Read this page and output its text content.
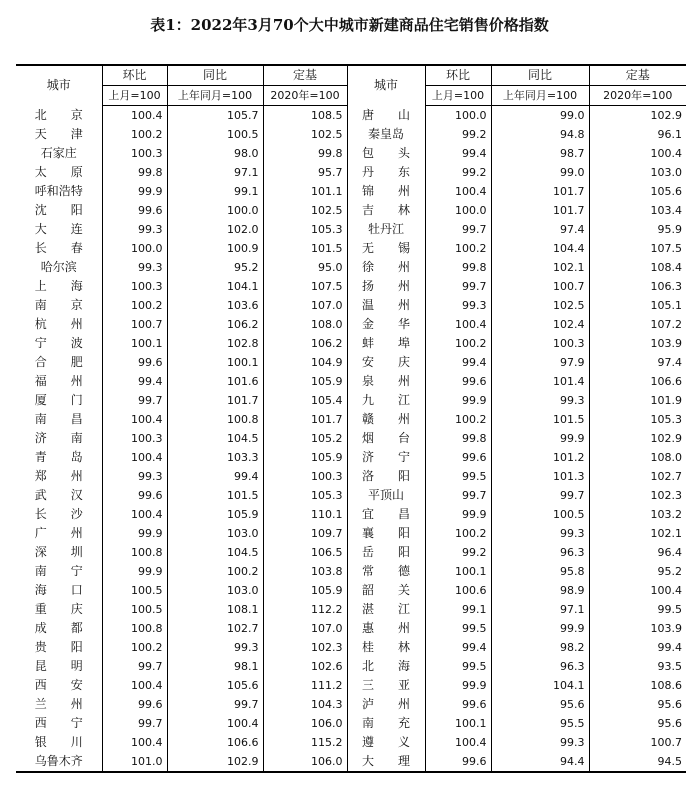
表1：2022年3月70个大中城市新建商品住宅销售价格指数
城市	环比	同比	定基	城市	环比	同比	定基
	上月=100	上年同月=100	2020年=100		上月=100	上年同月=100	2020年=100
北　　京	100.4	105.7	108.5	唐　　山	100.0	99.0	102.9
天　　津	100.2	100.5	102.5	秦皇岛	99.2	94.8	96.1
石家庄	100.3	98.0	99.8	包　　头	99.4	98.7	100.4
太　　原	99.8	97.1	95.7	丹　　东	99.2	99.0	103.0
呼和浩特	99.9	99.1	101.1	锦　　州	100.4	101.7	105.6
沈　　阳	99.6	100.0	102.5	吉　　林	100.0	101.7	103.4
大　　连	99.3	102.0	105.3	牡丹江	99.7	97.4	95.9
长　　春	100.0	100.9	101.5	无　　锡	100.2	104.4	107.5
哈尔滨	99.3	95.2	95.0	徐　　州	99.8	102.1	108.4
上　　海	100.3	104.1	107.5	扬　　州	99.7	100.7	106.3
南　　京	100.2	103.6	107.0	温　　州	99.3	102.5	105.1
杭　　州	100.7	106.2	108.0	金　　华	100.4	102.4	107.2
宁　　波	100.1	102.8	106.2	蚌　　埠	100.2	100.3	103.9
合　　肥	99.6	100.1	104.9	安　　庆	99.4	97.9	97.4
福　　州	99.4	101.6	105.9	泉　　州	99.6	101.4	106.6
厦　　门	99.7	101.7	105.4	九　　江	99.9	99.3	101.9
南　　昌	100.4	100.8	101.7	赣　　州	100.2	101.5	105.3
济　　南	100.3	104.5	105.2	烟　　台	99.8	99.9	102.9
青　　岛	100.4	103.3	105.9	济　　宁	99.6	101.2	108.0
郑　　州	99.3	99.4	100.3	洛　　阳	99.5	101.3	102.7
武　　汉	99.6	101.5	105.3	平顶山	99.7	99.7	102.3
长　　沙	100.4	105.9	110.1	宜　　昌	99.9	100.5	103.2
广　　州	99.9	103.0	109.7	襄　　阳	100.2	99.3	102.1
深　　圳	100.8	104.5	106.5	岳　　阳	99.2	96.3	96.4
南　　宁	99.9	100.2	103.8	常　　德	100.1	95.8	95.2
海　　口	100.5	103.0	105.9	韶　　关	100.6	98.9	100.4
重　　庆	100.5	108.1	112.2	湛　　江	99.1	97.1	99.5
成　　都	100.8	102.7	107.0	惠　　州	99.5	99.9	103.9
贵　　阳	100.2	99.3	102.3	桂　　林	99.4	98.2	99.4
昆　　明	99.7	98.1	102.6	北　　海	99.5	96.3	93.5
西　　安	100.4	105.6	111.2	三　　亚	99.9	104.1	108.6
兰　　州	99.6	99.7	104.3	泸　　州	99.6	95.6	95.6
西　　宁	99.7	100.4	106.0	南　　充	100.1	95.5	95.6
银　　川	100.4	106.6	115.2	遵　　义	100.4	99.3	100.7
乌鲁木齐	101.0	102.9	106.0	大　　理	99.6	94.4	94.5
